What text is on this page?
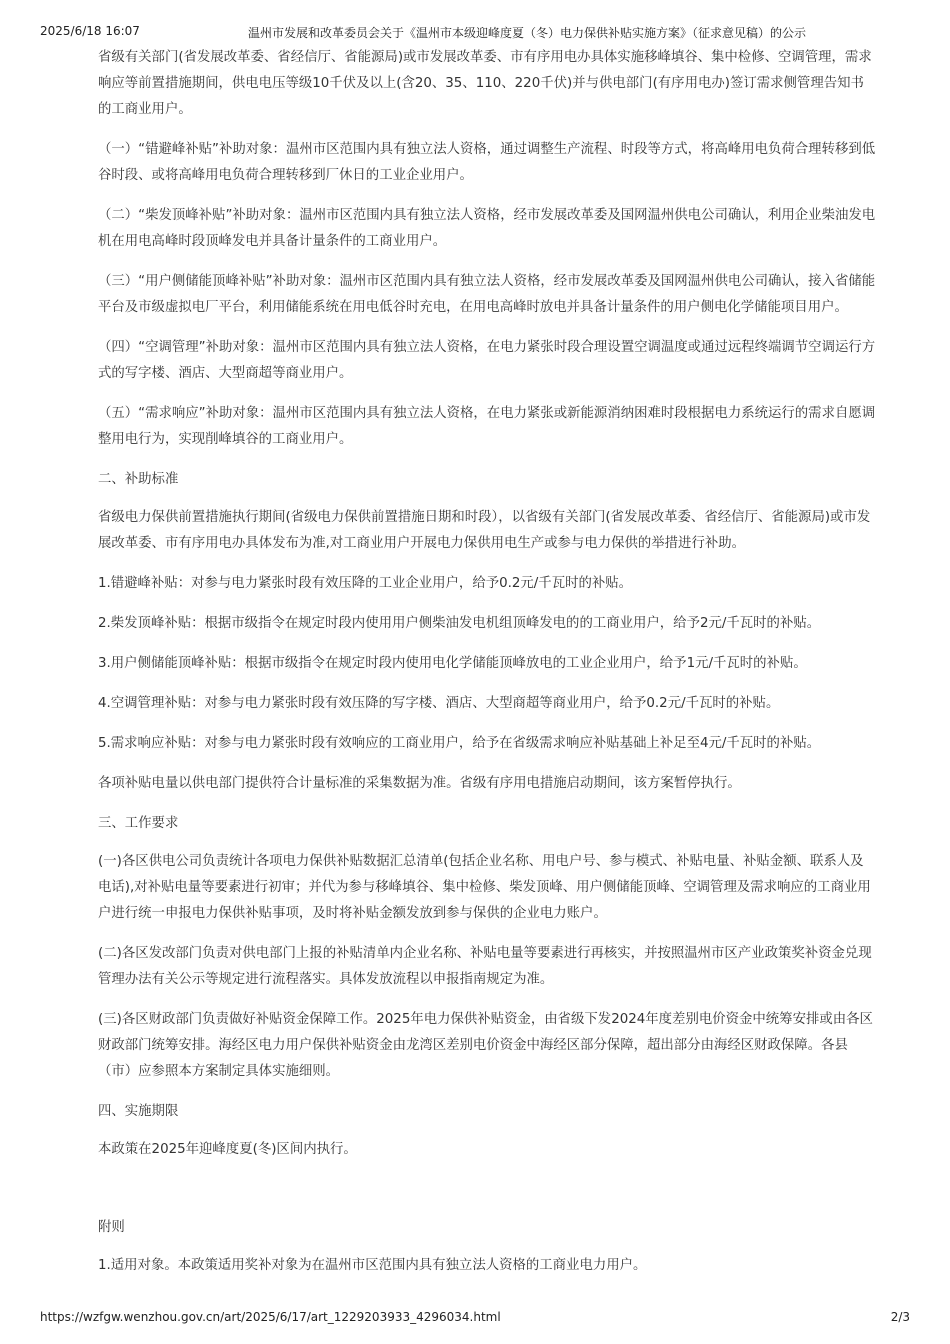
2025/6/18 16:07	温州市发展和改革委员会关于《温州市本级迎峰度夏（冬）电力保供补贴实施方案》（征求意见稿）的公示

省级有关部门(省发展改革委、省经信厅、省能源局)或市发展改革委、市有序用电办具体实施移峰填谷、集中检修、空调管理，需求响应等前置措施期间，供电电压等级10千伏及以上(含20、35、110、220千伏)并与供电部门(有序用电办)签订需求侧管理告知书的工商业用户。

（一）“错避峰补贴”补助对象：温州市区范围内具有独立法人资格，通过调整生产流程、时段等方式，将高峰用电负荷合理转移到低谷时段、或将高峰用电负荷合理转移到厂休日的工业企业用户。

（二）“柴发顶峰补贴”补助对象：温州市区范围内具有独立法人资格，经市发展改革委及国网温州供电公司确认，利用企业柴油发电机在用电高峰时段顶峰发电并具备计量条件的工商业用户。

（三）“用户侧储能顶峰补贴”补助对象：温州市区范围内具有独立法人资格，经市发展改革委及国网温州供电公司确认，接入省储能平台及市级虚拟电厂平台，利用储能系统在用电低谷时充电，在用电高峰时放电并具备计量条件的用户侧电化学储能项目用户。

（四）“空调管理”补助对象：温州市区范围内具有独立法人资格，在电力紧张时段合理设置空调温度或通过远程终端调节空调运行方式的写字楼、酒店、大型商超等商业用户。

（五）“需求响应”补助对象：温州市区范围内具有独立法人资格，在电力紧张或新能源消纳困难时段根据电力系统运行的需求自愿调整用电行为，实现削峰填谷的工商业用户。

二、补助标准

省级电力保供前置措施执行期间(省级电力保供前置措施日期和时段），以省级有关部门(省发展改革委、省经信厅、省能源局)或市发展改革委、市有序用电办具体发布为准,对工商业用户开展电力保供用电生产或参与电力保供的举措进行补助。

1.错避峰补贴：对参与电力紧张时段有效压降的工业企业用户，给予0.2元/千瓦时的补贴。

2.柴发顶峰补贴：根据市级指令在规定时段内使用用户侧柴油发电机组顶峰发电的的工商业用户，给予2元/千瓦时的补贴。

3.用户侧储能顶峰补贴：根据市级指令在规定时段内使用电化学储能顶峰放电的工业企业用户，给予1元/千瓦时的补贴。

4.空调管理补贴：对参与电力紧张时段有效压降的写字楼、酒店、大型商超等商业用户，给予0.2元/千瓦时的补贴。

5.需求响应补贴：对参与电力紧张时段有效响应的工商业用户，给予在省级需求响应补贴基础上补足至4元/千瓦时的补贴。

各项补贴电量以供电部门提供符合计量标准的采集数据为准。省级有序用电措施启动期间，该方案暂停执行。

三、工作要求

(一)各区供电公司负责统计各项电力保供补贴数据汇总清单(包括企业名称、用电户号、参与模式、补贴电量、补贴金额、联系人及电话),对补贴电量等要素进行初审；并代为参与移峰填谷、集中检修、柴发顶峰、用户侧储能顶峰、空调管理及需求响应的工商业用户进行统一申报电力保供补贴事项，及时将补贴金额发放到参与保供的企业电力账户。

(二)各区发改部门负责对供电部门上报的补贴清单内企业名称、补贴电量等要素进行再核实，并按照温州市区产业政策奖补资金兑现管理办法有关公示等规定进行流程落实。具体发放流程以申报指南规定为准。

(三)各区财政部门负责做好补贴资金保障工作。2025年电力保供补贴资金，由省级下发2024年度差别电价资金中统筹安排或由各区财政部门统筹安排。海经区电力用户保供补贴资金由龙湾区差别电价资金中海经区部分保障，超出部分由海经区财政保障。各县（市）应参照本方案制定具体实施细则。

四、实施期限

本政策在2025年迎峰度夏(冬)区间内执行。

附则

1.适用对象。本政策适用奖补对象为在温州市区范围内具有独立法人资格的工商业电力用户。

https://wzfgw.wenzhou.gov.cn/art/2025/6/17/art_1229203933_4296034.html	2/3
